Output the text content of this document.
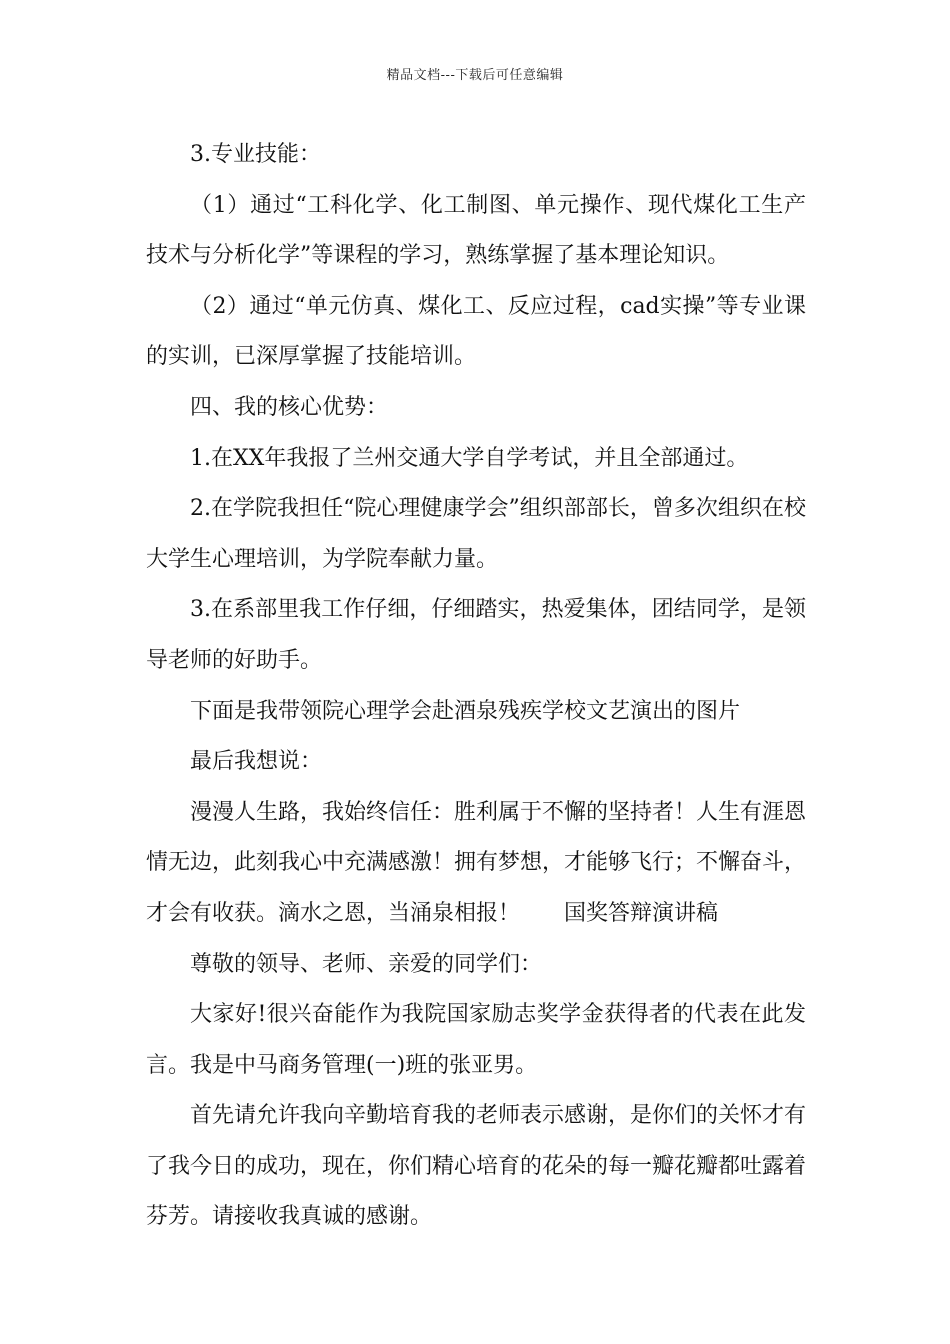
精品文档---下载后可任意编辑

3.专业技能：

（1）通过“工科化学、化工制图、单元操作、现代煤化工生产技术与分析化学”等课程的学习，熟练掌握了基本理论知识。

（2）通过“单元仿真、煤化工、反应过程，cad实操”等专业课的实训，已深厚掌握了技能培训。

四、我的核心优势：

1.在XX年我报了兰州交通大学自学考试，并且全部通过。

2.在学院我担任“院心理健康学会”组织部部长，曾多次组织在校大学生心理培训，为学院奉献力量。

3.在系部里我工作仔细，仔细踏实，热爱集体，团结同学，是领导老师的好助手。

下面是我带领院心理学会赴酒泉残疾学校文艺演出的图片

最后我想说：

漫漫人生路，我始终信任：胜利属于不懈的坚持者！人生有涯恩情无边，此刻我心中充满感激！拥有梦想，才能够飞行；不懈奋斗，才会有收获。滴水之恩，当涌泉相报！ 国奖答辩演讲稿

尊敬的领导、老师、亲爱的同学们：

大家好!很兴奋能作为我院国家励志奖学金获得者的代表在此发言。我是中马商务管理(一)班的张亚男。

首先请允许我向辛勤培育我的老师表示感谢，是你们的关怀才有了我今日的成功，现在，你们精心培育的花朵的每一瓣花瓣都吐露着芬芳。请接收我真诚的感谢。
